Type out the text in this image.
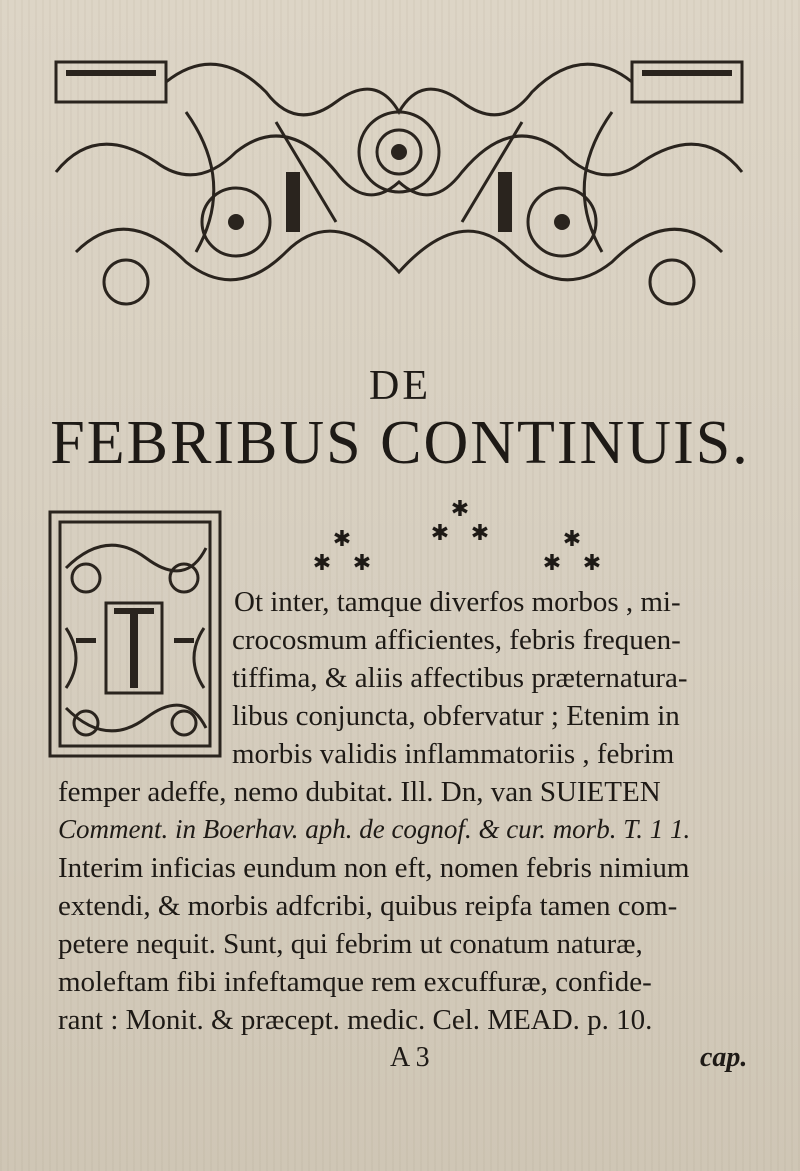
DE
FEBRIBUS CONTINUIS.
✱
✱ ✱
✱
✱ ✱
✱
✱ ✱
Ot inter, tamque diverfos morbos , mi-
crocosmum afficientes, febris frequen-
tiffima, & aliis affectibus præternatura-
libus conjuncta, obfervatur ; Etenim in
morbis validis inflammatoriis , febrim
femper adeffe, nemo dubitat. Ill. Dn, van SUIETEN
Comment. in Boerhav. aph. de cognof. & cur. morb. T. 1 1.
Interim inficias eundum non eft, nomen febris nimium
extendi, & morbis adfcribi, quibus reipfa tamen com-
petere nequit. Sunt, qui febrim ut conatum naturæ,
moleftam fibi infeftamque rem excuffuræ, confide-
rant : Monit. & præcept. medic. Cel. MEAD. p. 10.
A 3	cap.
